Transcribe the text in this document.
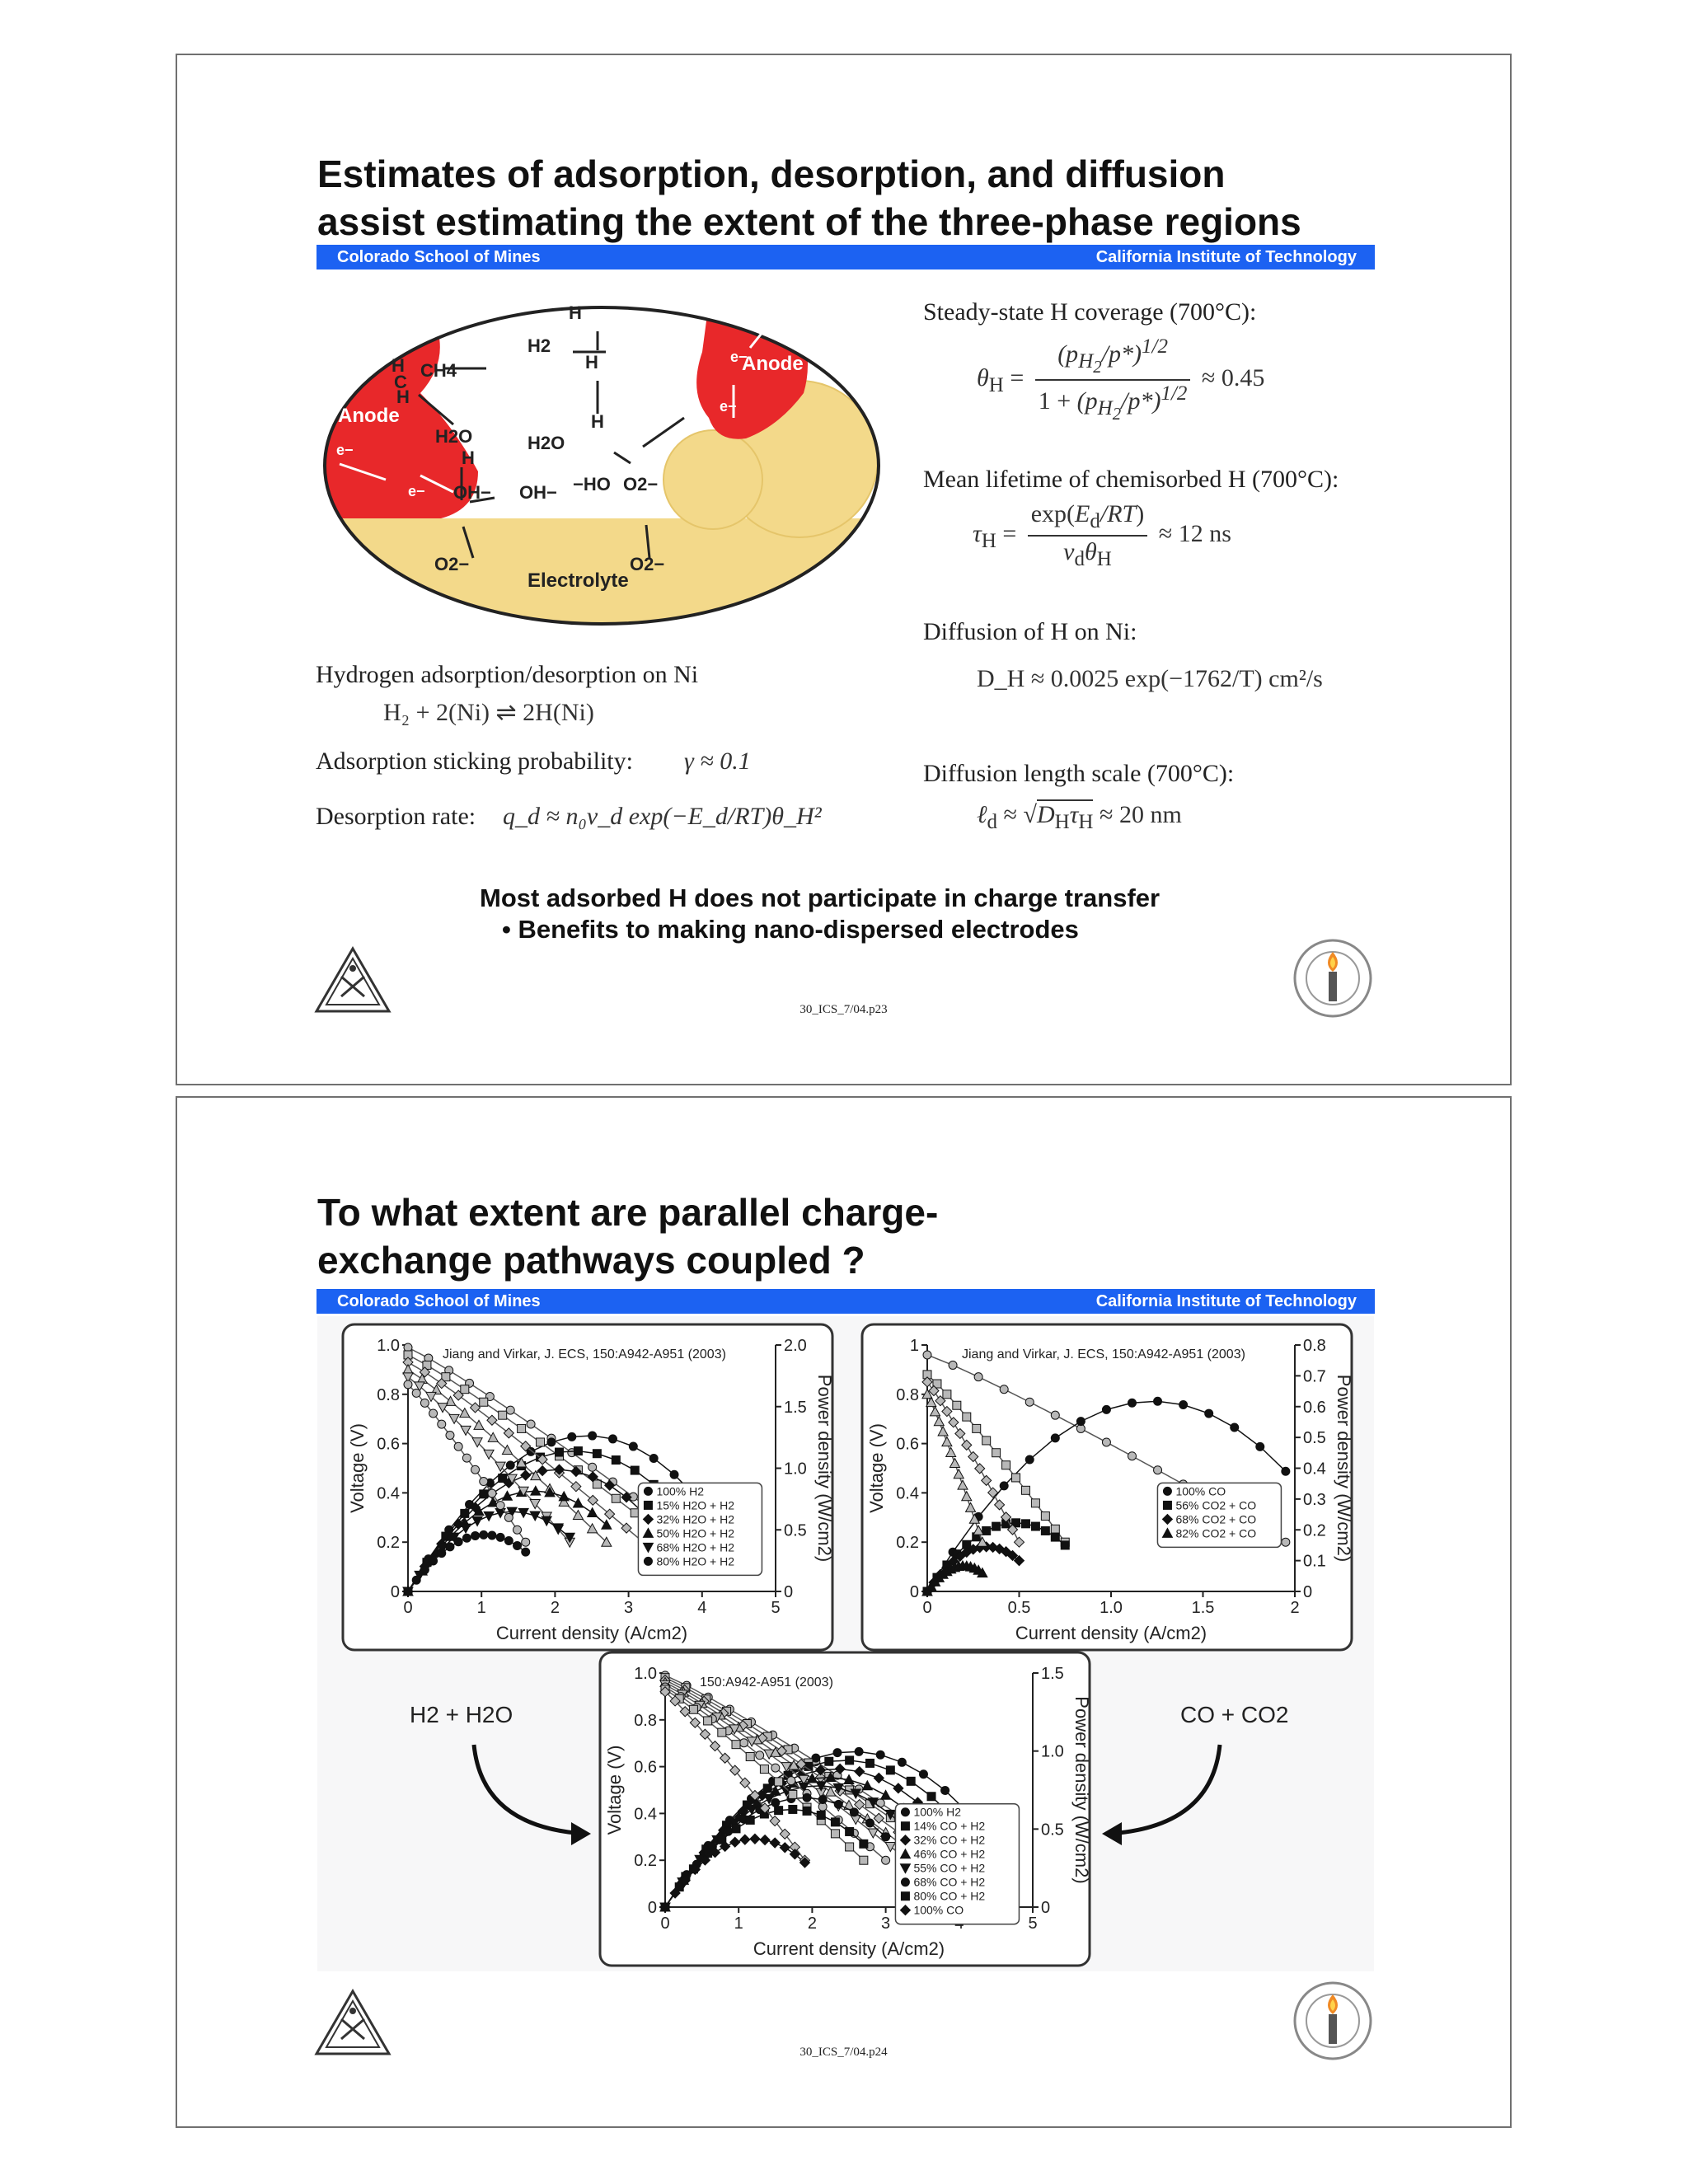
Estimates of adsorption, desorption, and diffusion
assist estimating the extent of the three-phase regions
Colorado School of Mines	California Institute of Technology
Anode
Anode
e−
e−
e−
e−
Electrolyte
CH4
H2
H2O	H2O
OH− OH− −HO
O2−
O2−
O2−
H
C
H
H
H
H
H
Steady-state H coverage (700°C):
$\theta_H = \frac{(p_{H_2}/p*)^{1/2}}{1 + (p_{H_2}/p*)^{1/2}} \approx 0.45$
Mean lifetime of chemisorbed H (700°C):
$\tau_H = \frac{\exp(E_d/RT)}{\nu_d\theta_H} \approx 12$ ns
Diffusion of H on Ni:
D_H ≈ 0.0025 exp(−1762/T) cm²/s
Diffusion length scale (700°C):
ℓ$_d$ ≈ $√D_H\tau_H \approx 20$ nm
Hydrogen adsorption/desorption on Ni
H₂ + 2(Ni) ⇌ 2H(Ni)
Adsorption sticking probability: γ ≈ 0.1
Desorption rate: q_d ≈ n₀ν_d exp(−E_d/RT)θ_H²
Most adsorbed H does not participate in charge transfer
• Benefits to making nano-dispersed electrodes
30_ICS_7/04.p23
To what extent are parallel charge-
exchange pathways coupled ?
Colorado School of Mines	California Institute of Technology
0	1	2	3	5
0
0.2
0.4
0.6
0.8
1.0
0
0.5
1.0
1.5
Current density (A/cm2)
Voltage (V)	Power density (W/cm2)
150:A942-A951 (2003)
100% H2
14% CO + H2
32% CO + H2
46% CO + H2
55% CO + H2
68% CO + H2
80% CO + H2
100% CO
0	1	2	3	4	5
0
0.2
0.4
0.6
0.8
1.0
0
0.5
1.0
1.5
2.0
Current density (A/cm2)
Voltage (V)	Power density (W/cm2)
Jiang and Virkar, J. ECS, 150:A942-A951 (2003)
100% H2
15% H2O + H2
32% H2O + H2
50% H2O + H2
68% H2O + H2
80% H2O + H2
0	0.5	1.0	1.5	2
0
0.2
0.4
0.6
0.8
1
0
0.1
0.2
0.3
0.4
0.5
0.6
0.7
0.8
Current density (A/cm2)
Voltage (V)	Power density (W/cm2)
Jiang and Virkar, J. ECS, 150:A942-A951 (2003)
100% CO
56% CO2 + CO
68% CO2 + CO
82% CO2 + CO
H2 + H2O	CO + CO2
30_ICS_7/04.p24
